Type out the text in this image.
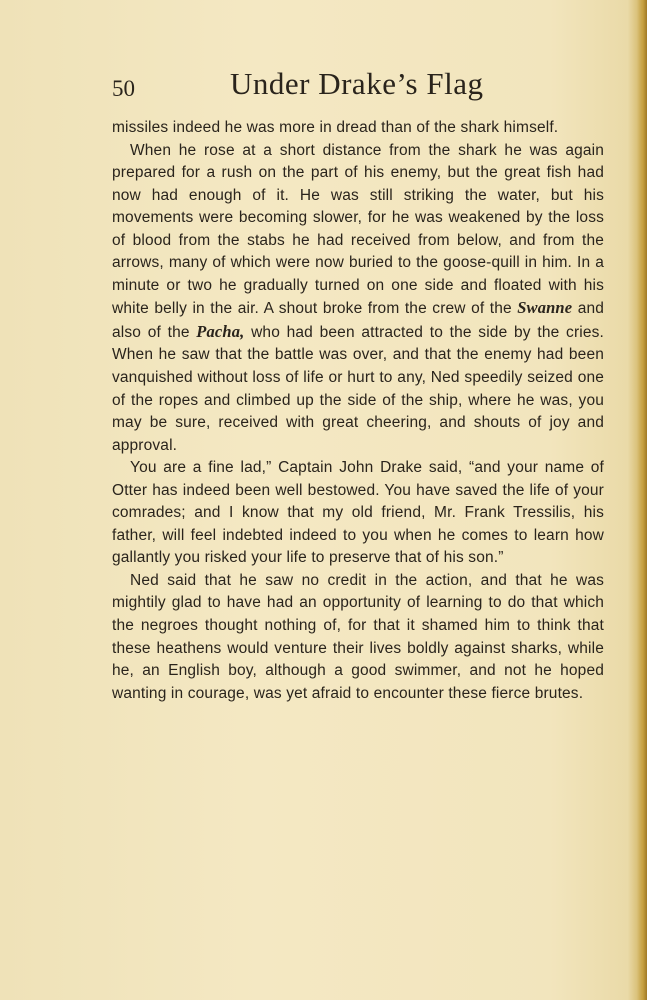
50	Under Drake’s Flag

missiles indeed he was more in dread than of the shark himself.

When he rose at a short distance from the shark he was again prepared for a rush on the part of his enemy, but the great fish had now had enough of it. He was still striking the water, but his movements were becoming slower, for he was weakened by the loss of blood from the stabs he had received from below, and from the arrows, many of which were now buried to the goose-quill in him. In a minute or two he gradually turned on one side and floated with his white belly in the air. A shout broke from the crew of the Swanne and also of the Pacha, who had been attracted to the side by the cries. When he saw that the battle was over, and that the enemy had been vanquished without loss of life or hurt to any, Ned speedily seized one of the ropes and climbed up the side of the ship, where he was, you may be sure, received with great cheering, and shouts of joy and approval.

You are a fine lad,” Captain John Drake said, “and your name of Otter has indeed been well bestowed. You have saved the life of your comrades; and I know that my old friend, Mr. Frank Tressilis, his father, will feel indebted indeed to you when he comes to learn how gallantly you risked your life to preserve that of his son.”

Ned said that he saw no credit in the action, and that he was mightily glad to have had an opportunity of learning to do that which the negroes thought nothing of, for that it shamed him to think that these heathens would venture their lives boldly against sharks, while he, an English boy, although a good swimmer, and not he hoped wanting in courage, was yet afraid to encounter these fierce brutes.
